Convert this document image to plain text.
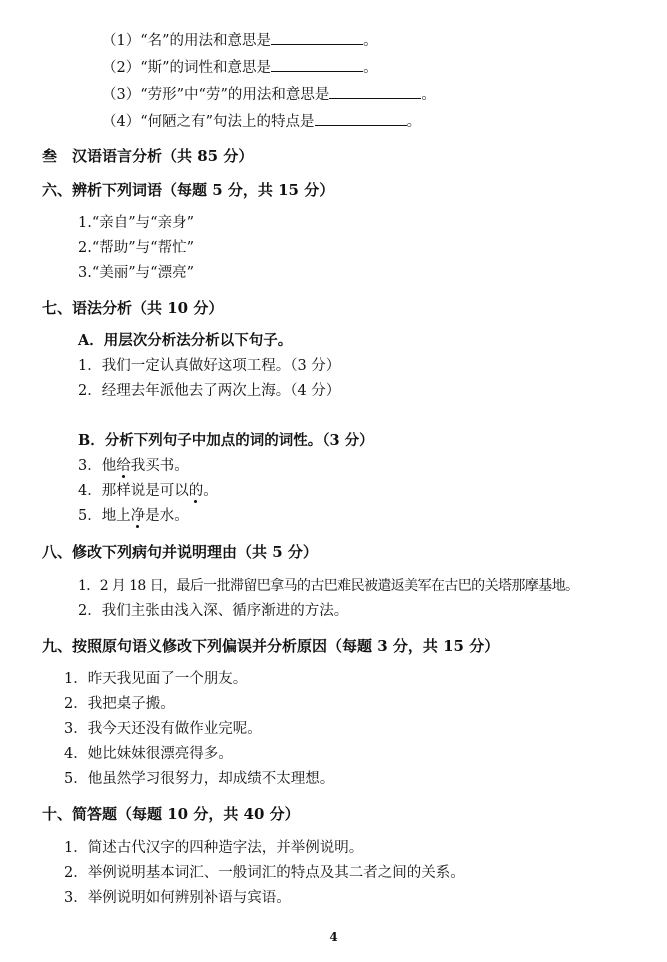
（1）“名”的用法和意思是	。
（2）“斯”的词性和意思是	。
（3）“劳形”中“劳”的用法和意思是	。
（4）“何陋之有”句法上的特点是	。
叁　汉语语言分析（共 85 分）
六、辨析下列词语（每题 5 分，共 15 分）
1.“亲自”与“亲身”
2.“帮助”与“帮忙”
3.“美丽”与“漂亮”
七、语法分析（共 10 分）
A．用层次分析法分析以下句子。
1．我们一定认真做好这项工程。（3 分）
2．经理去年派他去了两次上海。（4 分）
B．分析下列句子中加点的词的词性。（3 分）
3．他给我买书。
4．那样说是可以的。
5．地上净是水。
八、修改下列病句并说明理由（共 5 分）
1．2 月 18 日，最后一批滞留巴拿马的古巴难民被遣返美军在古巴的关塔那摩基地。
2．我们主张由浅入深、循序渐进的方法。
九、按照原句语义修改下列偏误并分析原因（每题 3 分，共 15 分）
1．昨天我见面了一个朋友。
2．我把桌子搬。
3．我今天还没有做作业完呢。
4．她比妹妹很漂亮得多。
5．他虽然学习很努力，却成绩不太理想。
十、简答题（每题 10 分，共 40 分）
1．简述古代汉字的四种造字法，并举例说明。
2．举例说明基本词汇、一般词汇的特点及其二者之间的关系。
3．举例说明如何辨别补语与宾语。
4
